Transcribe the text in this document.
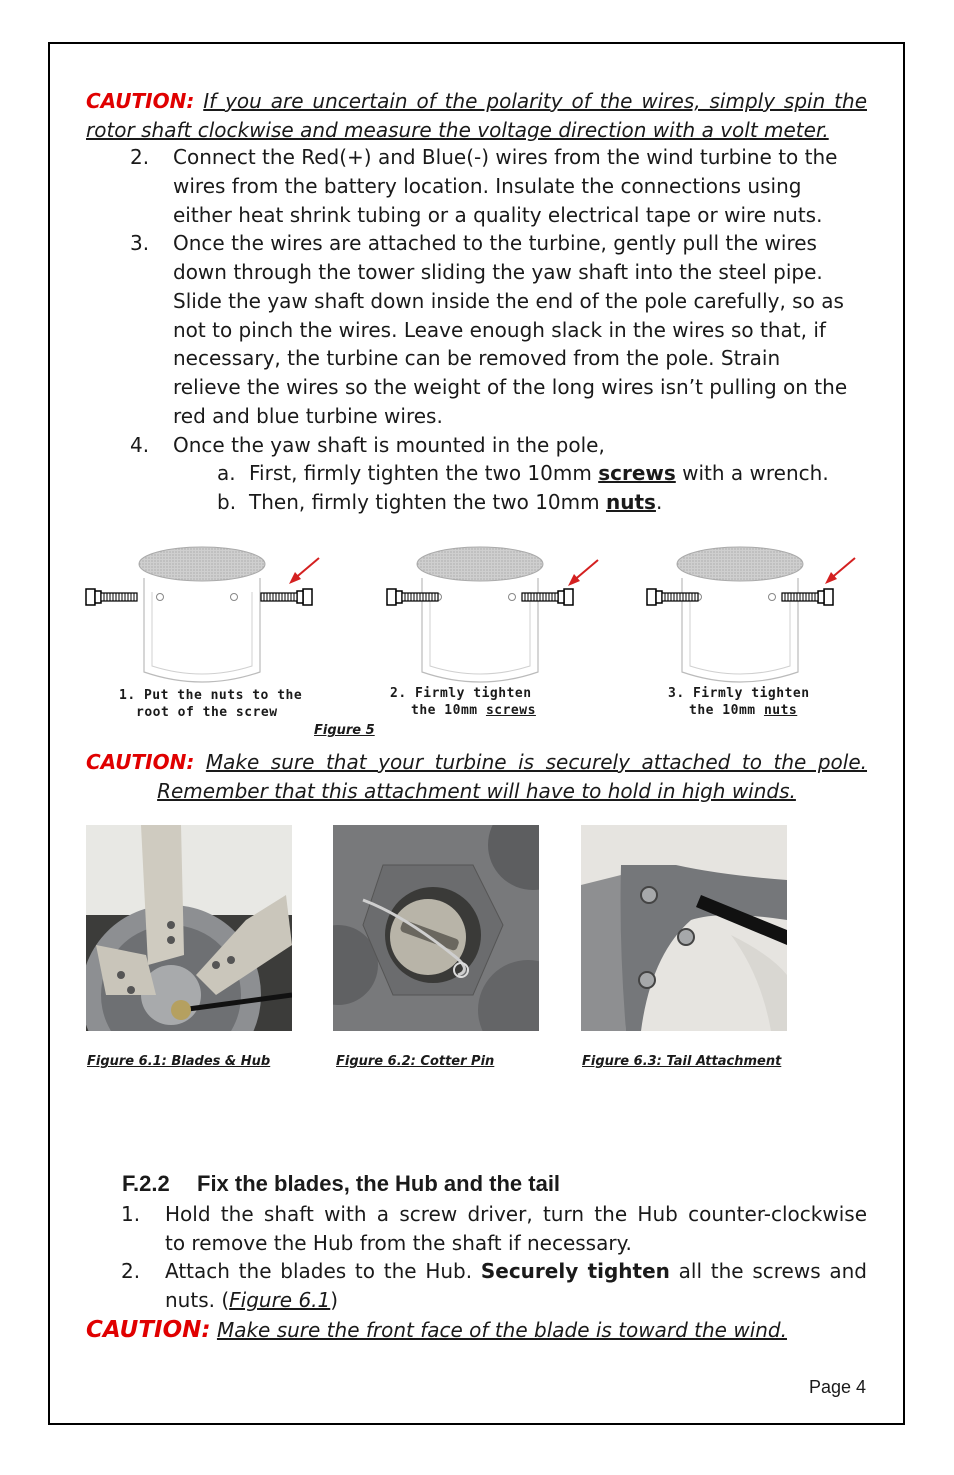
CAUTION: If you are uncertain of the polarity of the wires, simply spin the
rotor shaft clockwise and measure the voltage direction with a volt meter.
2. Connect the Red(+) and Blue(-) wires from the wind turbine to the
wires from the battery location. Insulate the connections using
either heat shrink tubing or a quality electrical tape or wire nuts.
3. Once the wires are attached to the turbine, gently pull the wires
down through the tower sliding the yaw shaft into the steel pipe.
Slide the yaw shaft down inside the end of the pole carefully, so as
not to pinch the wires. Leave enough slack in the wires so that, if
necessary, the turbine can be removed from the pole. Strain
relieve the wires so the weight of the long wires isn’t pulling on the
red and blue turbine wires.
4. Once the yaw shaft is mounted in the pole,
a. First, firmly tighten the two 10mm screws with a wrench.
b. Then, firmly tighten the two 10mm nuts.
1. Put the nuts to the
root of the screw
2. Firmly tighten
the 10mm screws
3. Firmly tighten
the 10mm nuts
Figure 5
CAUTION: Make sure that your turbine is securely attached to the pole.
Remember that this attachment will have to hold in high winds.
Figure 6.1: Blades & Hub	Figure 6.2: Cotter Pin	Figure 6.3: Tail Attachment
F.2.2 Fix the blades, the Hub and the tail
1. Hold the shaft with a screw driver, turn the Hub counter-clockwise
to remove the Hub from the shaft if necessary.
2. Attach the blades to the Hub. Securely tighten all the screws and
nuts. (Figure 6.1)
CAUTION: Make sure the front face of the blade is toward the wind.
Page 4
